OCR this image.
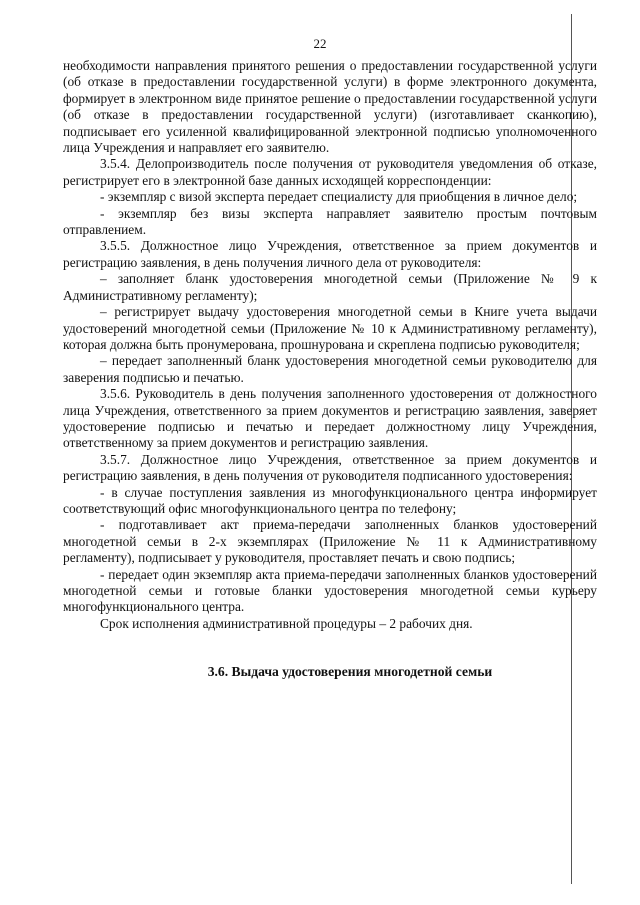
22

необходимости направления принятого решения о предоставлении государственной услуги (об отказе в предоставлении государственной услуги) в форме электронного документа, формирует в электронном виде принятое решение о предоставлении государственной услуги (об отказе в предоставлении государственной услуги) (изготавливает сканкопию), подписывает его усиленной квалифицированной электронной подписью уполномоченного лица Учреждения и направляет его заявителю.

3.5.4. Делопроизводитель после получения от руководителя уведомления об отказе, регистрирует его в электронной базе данных исходящей корреспонденции:

- экземпляр с визой эксперта передает специалисту для приобщения в личное дело;

- экземпляр без визы эксперта направляет заявителю простым почтовым отправлением.

3.5.5. Должностное лицо Учреждения, ответственное за прием документов и регистрацию заявления, в день получения личного дела от руководителя:

– заполняет бланк удостоверения многодетной семьи (Приложение № 9 к Административному регламенту);

– регистрирует выдачу удостоверения многодетной семьи в Книге учета выдачи удостоверений многодетной семьи (Приложение № 10 к Административному регламенту), которая должна быть пронумерована, прошнурована и скреплена подписью руководителя;

– передает заполненный бланк удостоверения многодетной семьи руководителю для заверения подписью и печатью.

3.5.6. Руководитель в день получения заполненного удостоверения от должностного лица Учреждения, ответственного за прием документов и регистрацию заявления, заверяет удостоверение подписью и печатью и передает должностному лицу Учреждения, ответственному за прием документов и регистрацию заявления.

3.5.7. Должностное лицо Учреждения, ответственное за прием документов и регистрацию заявления, в день получения от руководителя подписанного удостоверения:

- в случае поступления заявления из многофункционального центра информирует соответствующий офис многофункционального центра по телефону;

- подготавливает акт приема-передачи заполненных бланков удостоверений многодетной семьи в 2-х экземплярах (Приложение № 11 к Административному регламенту), подписывает у руководителя, проставляет печать и свою подпись;

- передает один экземпляр акта приема-передачи заполненных бланков удостоверений многодетной семьи и готовые бланки удостоверения многодетной семьи курьеру многофункционального центра.

Срок исполнения административной процедуры – 2 рабочих дня.

3.6. Выдача удостоверения многодетной семьи
